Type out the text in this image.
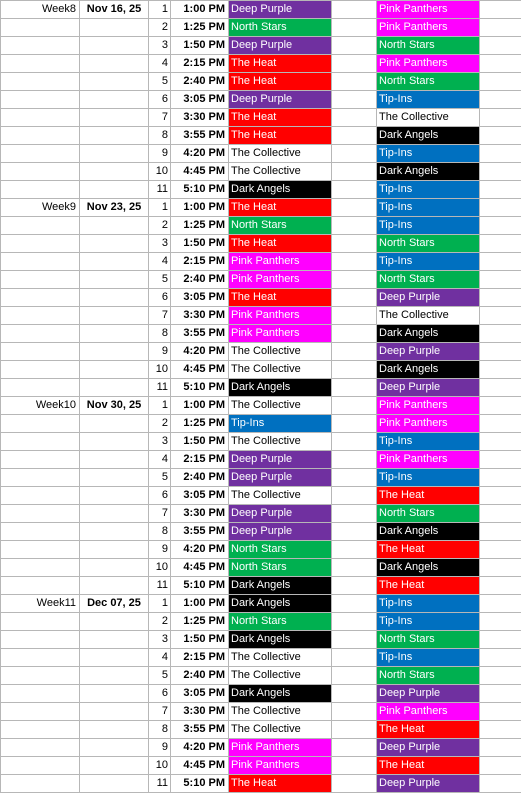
Week8	Nov 16, 25	1	1:00 PM	Deep Purple		Pink Panthers	
		2	1:25 PM	North Stars		Pink Panthers	
		3	1:50 PM	Deep Purple		North Stars	
		4	2:15 PM	The Heat		Pink Panthers	
		5	2:40 PM	The Heat		North Stars	
		6	3:05 PM	Deep Purple		Tip-Ins	
		7	3:30 PM	The Heat		The Collective	
		8	3:55 PM	The Heat		Dark Angels	
		9	4:20 PM	The Collective		Tip-Ins	
		10	4:45 PM	The Collective		Dark Angels	
		11	5:10 PM	Dark Angels		Tip-Ins	
Week9	Nov 23, 25	1	1:00 PM	The Heat		Tip-Ins	
		2	1:25 PM	North Stars		Tip-Ins	
		3	1:50 PM	The Heat		North Stars	
		4	2:15 PM	Pink Panthers		Tip-Ins	
		5	2:40 PM	Pink Panthers		North Stars	
		6	3:05 PM	The Heat		Deep Purple	
		7	3:30 PM	Pink Panthers		The Collective	
		8	3:55 PM	Pink Panthers		Dark Angels	
		9	4:20 PM	The Collective		Deep Purple	
		10	4:45 PM	The Collective		Dark Angels	
		11	5:10 PM	Dark Angels		Deep Purple	
Week10	Nov 30, 25	1	1:00 PM	The Collective		Pink Panthers	
		2	1:25 PM	Tip-Ins		Pink Panthers	
		3	1:50 PM	The Collective		Tip-Ins	
		4	2:15 PM	Deep Purple		Pink Panthers	
		5	2:40 PM	Deep Purple		Tip-Ins	
		6	3:05 PM	The Collective		The Heat	
		7	3:30 PM	Deep Purple		North Stars	
		8	3:55 PM	Deep Purple		Dark Angels	
		9	4:20 PM	North Stars		The Heat	
		10	4:45 PM	North Stars		Dark Angels	
		11	5:10 PM	Dark Angels		The Heat	
Week11	Dec 07, 25	1	1:00 PM	Dark Angels		Tip-Ins	
		2	1:25 PM	North Stars		Tip-Ins	
		3	1:50 PM	Dark Angels		North Stars	
		4	2:15 PM	The Collective		Tip-Ins	
		5	2:40 PM	The Collective		North Stars	
		6	3:05 PM	Dark Angels		Deep Purple	
		7	3:30 PM	The Collective		Pink Panthers	
		8	3:55 PM	The Collective		The Heat	
		9	4:20 PM	Pink Panthers		Deep Purple	
		10	4:45 PM	Pink Panthers		The Heat	
		11	5:10 PM	The Heat		Deep Purple	
